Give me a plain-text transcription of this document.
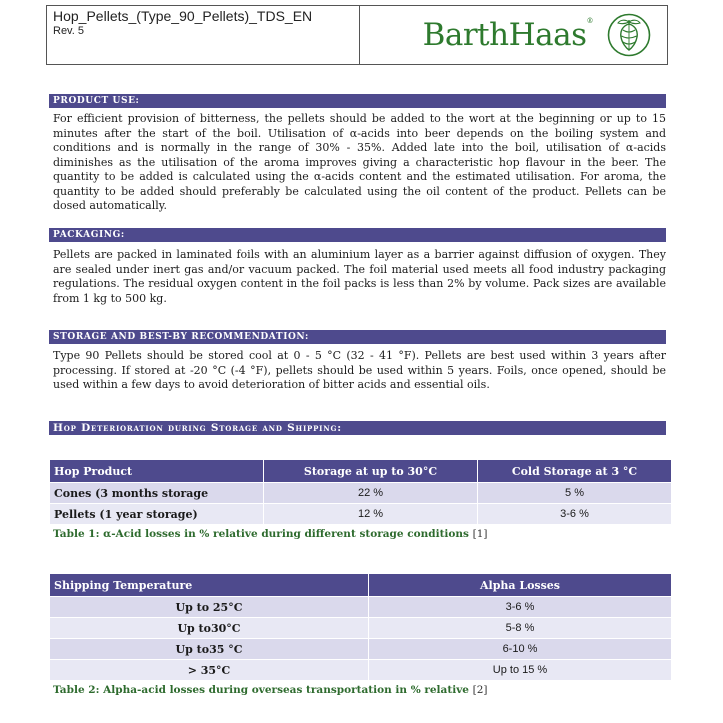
Hop_Pellets_(Type_90_Pellets)_TDS_EN
Rev. 5	BarthHaas®
PRODUCT USE:
For efficient provision of bitterness, the pellets should be added to the wort at the beginning or up to 15 minutes after the start of the boil. Utilisation of α-acids into beer depends on the boiling system and conditions and is normally in the range of 30% - 35%. Added late into the boil, utilisation of α-acids diminishes as the utilisation of the aroma improves giving a characteristic hop flavour in the beer. The quantity to be added is calculated using the α-acids content and the estimated utilisation. For aroma, the quantity to be added should preferably be calculated using the oil content of the product. Pellets can be dosed automatically.
PACKAGING:
Pellets are packed in laminated foils with an aluminium layer as a barrier against diffusion of oxygen. They are sealed under inert gas and/or vacuum packed. The foil material used meets all food industry packaging regulations. The residual oxygen content in the foil packs is less than 2% by volume. Pack sizes are available from 1 kg to 500 kg.
STORAGE AND BEST-BY RECOMMENDATION:
Type 90 Pellets should be stored cool at 0 - 5 °C (32 - 41 °F). Pellets are best used within 3 years after processing. If stored at -20 °C (-4 °F), pellets should be used within 5 years. Foils, once opened, should be used within a few days to avoid deterioration of bitter acids and essential oils.
Hop Deterioration during Storage and Shipping:
Hop Product	Storage at up to 30°C	Cold Storage at 3 °C
Cones (3 months storage	22 %	5 %
Pellets (1 year storage)	12 %	3-6 %
Table 1: α-Acid losses in % relative during different storage conditions [1]
Shipping Temperature	Alpha Losses
Up to 25°C	3-6 %
Up to30°C	5-8 %
Up to35 °C	6-10 %
> 35°C	Up to 15 %
Table 2: Alpha-acid losses during overseas transportation in % relative [2]
